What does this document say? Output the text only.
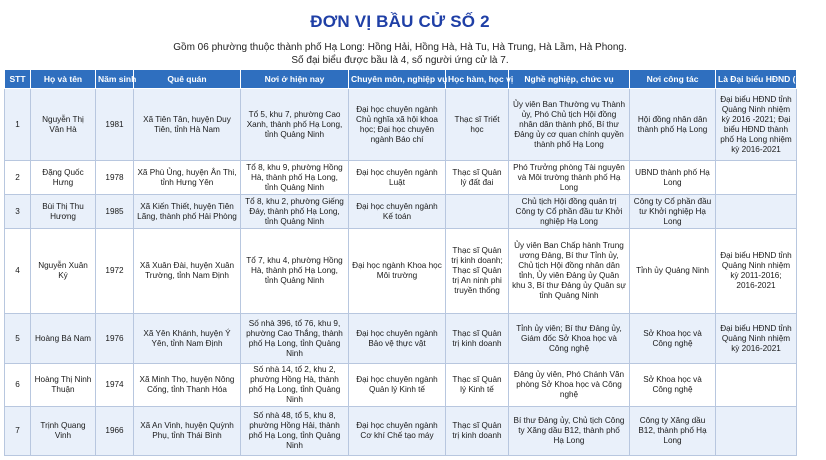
ĐƠN VỊ BẦU CỬ SỐ 2
Gồm 06 phường thuộc thành phố Hạ Long: Hồng Hải, Hồng Hà, Hà Tu, Hà Trung, Hà Lầm, Hà Phong.
Số đại biểu được bầu là 4, số người ứng cử là 7.
STT	Họ và tên	Năm sinh	Quê quán	Nơi ở hiện nay	Chuyên môn, nghiệp vụ	Học hàm, học vị	Nghề nghiệp, chức vụ	Nơi công tác	Là Đại biểu HĐND (nếu có)
1	Nguyễn Thị Vân Hà	1981	Xã Tiên Tân, huyện Duy Tiên, tỉnh Hà Nam	Tổ 5, khu 7, phường Cao Xanh, thành phố Hạ Long, tỉnh Quảng Ninh	Đại học chuyên ngành Chủ nghĩa xã hội khoa học; Đại học chuyên ngành Báo chí	Thạc sĩ Triết học	Ủy viên Ban Thường vụ Thành ủy, Phó Chủ tịch Hội đồng nhân dân thành phố, Bí thư Đảng ủy cơ quan chính quyền thành phố Hạ Long	Hội đồng nhân dân thành phố Hạ Long	Đại biểu HĐND tỉnh Quảng Ninh nhiệm kỳ 2016 -2021; Đại biểu HĐND thành phố Hạ Long nhiệm kỳ 2016-2021
2	Đặng Quốc Hưng	1978	Xã Phù Ủng, huyện Ân Thi, tỉnh Hưng Yên	Tổ 8, khu 9, phường Hồng Hà, thành phố Hạ Long, tỉnh Quảng Ninh	Đại học chuyên ngành Luật	Thạc sĩ Quản lý đất đai	Phó Trưởng phòng Tài nguyên và Môi trường thành phố Hạ Long	UBND thành phố Hạ Long	
3	Bùi Thị Thu Hương	1985	Xã Kiến Thiết, huyện Tiên Lãng, thành phố Hải Phòng	Tổ 8, khu 2, phường Giếng Đáy, thành phố Hạ Long, tỉnh Quảng Ninh	Đại học chuyên ngành Kế toán		Chủ tịch Hội đồng quản trị Công ty Cổ phần đầu tư Khởi nghiệp Hạ Long	Công ty Cổ phần đầu tư Khởi nghiệp Hạ Long	
4	Nguyễn Xuân Ký	1972	Xã Xuân Đài, huyện Xuân Trường, tỉnh Nam Định	Tổ 7, khu 4, phường Hồng Hà, thành phố Hạ Long, tỉnh Quảng Ninh	Đại học ngành Khoa học Môi trường	Thạc sĩ Quản trị kinh doanh; Thạc sĩ Quản trị An ninh phi truyền thống	Ủy viên Ban Chấp hành Trung ương Đảng, Bí thư Tỉnh ủy, Chủ tịch Hội đồng nhân dân tỉnh, Ủy viên Đảng ủy Quân khu 3, Bí thư Đảng ủy Quân sự tỉnh Quảng Ninh	Tỉnh ủy Quảng Ninh	Đại biểu HĐND tỉnh Quảng Ninh nhiệm kỳ 2011-2016; 2016-2021
5	Hoàng Bá Nam	1976	Xã Yên Khánh, huyện Ý Yên, tỉnh Nam Định	Số nhà 396, tổ 76, khu 9, phường Cao Thắng, thành phố Hạ Long, tỉnh Quảng Ninh	Đại học chuyên ngành Bảo vệ thực vật	Thạc sĩ Quản trị kinh doanh	Tỉnh ủy viên; Bí thư Đảng ủy, Giám đốc Sở Khoa học và Công nghệ	Sở Khoa học và Công nghệ	Đại biểu HĐND tỉnh Quảng Ninh nhiệm kỳ 2016-2021
6	Hoàng Thị Ninh Thuận	1974	Xã Minh Thọ, huyện Nông Cống, tỉnh Thanh Hóa	Số nhà 14, tổ 2, khu 2, phường Hồng Hà, thành phố Hạ Long, tỉnh Quảng Ninh	Đại học chuyên ngành Quản lý Kinh tế	Thạc sĩ Quản lý Kinh tế	Đảng ủy viên, Phó Chánh Văn phòng Sở Khoa học và Công nghệ	Sở Khoa học và Công nghệ	
7	Trịnh Quang Vinh	1966	Xã An Vinh, huyện Quỳnh Phụ, tỉnh Thái Bình	Số nhà 48, tổ 5, khu 8, phường Hồng Hải, thành phố Hạ Long, tỉnh Quảng Ninh	Đại học chuyên ngành Cơ khí Chế tạo máy	Thạc sĩ Quản trị kinh doanh	Bí thư Đảng ủy, Chủ tịch Công ty Xăng dầu B12, thành phố Hạ Long	Công ty Xăng dầu B12, thành phố Hạ Long	
